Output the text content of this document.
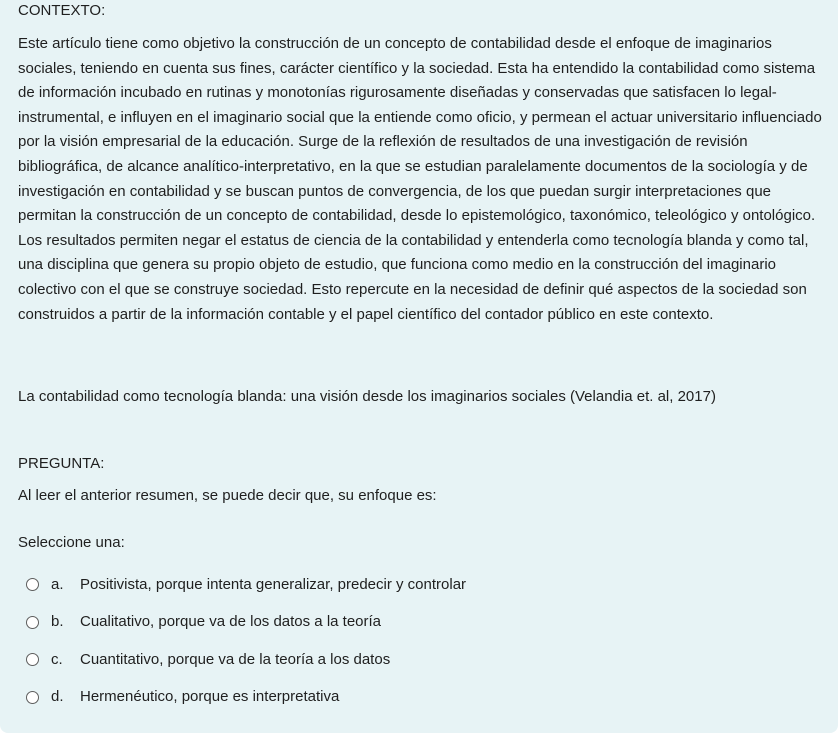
CONTEXTO:

Este artículo tiene como objetivo la construcción de un concepto de contabilidad desde el enfoque de imaginarios sociales, teniendo en cuenta sus fines, carácter científico y la sociedad. Esta ha entendido la contabilidad como sistema de información incubado en rutinas y monotonías rigurosamente diseñadas y conservadas que satisfacen lo legal-instrumental, e influyen en el imaginario social que la entiende como oficio, y permean el actuar universitario influenciado por la visión empresarial de la educación. Surge de la reflexión de resultados de una investigación de revisión bibliográfica, de alcance analítico-interpretativo, en la que se estudian paralelamente documentos de la sociología y de investigación en contabilidad y se buscan puntos de convergencia, de los que puedan surgir interpretaciones que permitan la construcción de un concepto de contabilidad, desde lo epistemológico, taxonómico, teleológico y ontológico. Los resultados permiten negar el estatus de ciencia de la contabilidad y entenderla como tecnología blanda y como tal, una disciplina que genera su propio objeto de estudio, que funciona como medio en la construcción del imaginario colectivo con el que se construye sociedad. Esto repercute en la necesidad de definir qué aspectos de la sociedad son construidos a partir de la información contable y el papel científico del contador público en este contexto.

La contabilidad como tecnología blanda: una visión desde los imaginarios sociales (Velandia et. al, 2017)
PREGUNTA:
Al leer el anterior resumen, se puede decir que, su enfoque es:
Seleccione una:
a.	Positivista, porque intenta generalizar, predecir y controlar
b.	Cualitativo, porque va de los datos a la teoría
c.	Cuantitativo, porque va de la teoría a los datos
d.	Hermenéutico, porque es interpretativa
